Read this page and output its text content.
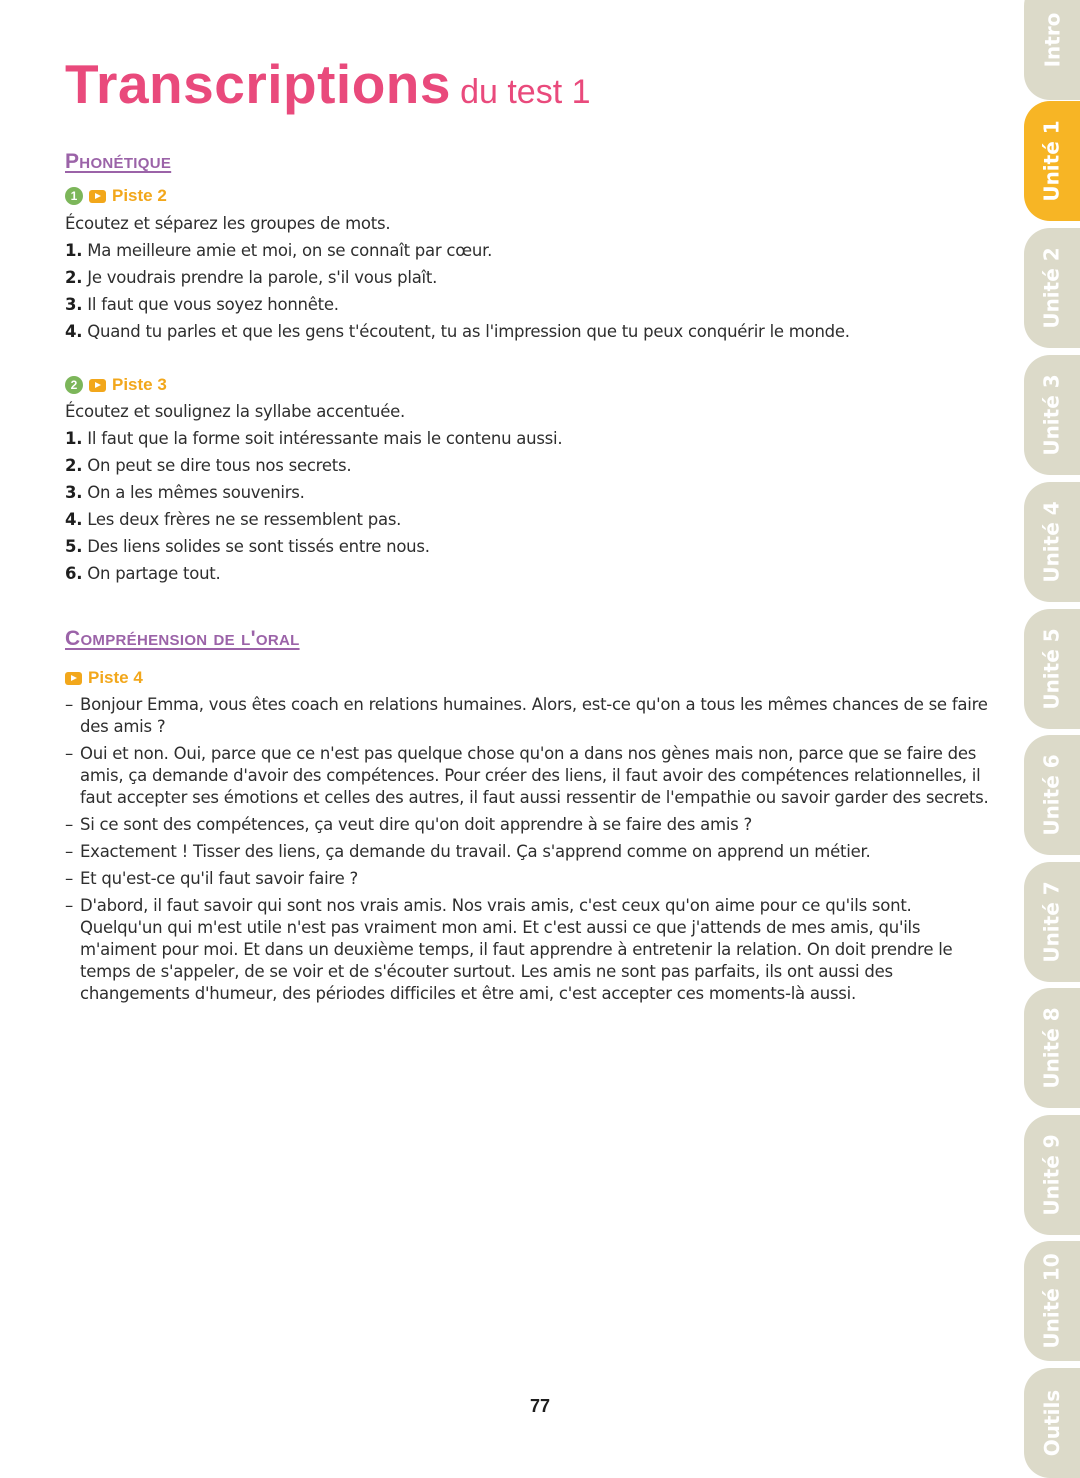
Transcriptions du test 1
Phonétique
1	Piste 2
Écoutez et séparez les groupes de mots.
1. Ma meilleure amie et moi, on se connaît par cœur.
2. Je voudrais prendre la parole, s'il vous plaît.
3. Il faut que vous soyez honnête.
4. Quand tu parles et que les gens t'écoutent, tu as l'impression que tu peux conquérir le monde.
2	Piste 3
Écoutez et soulignez la syllabe accentuée.
1. Il faut que la forme soit intéressante mais le contenu aussi.
2. On peut se dire tous nos secrets.
3. On a les mêmes souvenirs.
4. Les deux frères ne se ressemblent pas.
5. Des liens solides se sont tissés entre nous.
6. On partage tout.
Compréhension de l'oral
Piste 4
– Bonjour Emma, vous êtes coach en relations humaines. Alors, est-ce qu'on a tous les mêmes chances de se faire des amis ?
– Oui et non. Oui, parce que ce n'est pas quelque chose qu'on a dans nos gènes mais non, parce que se faire des amis, ça demande d'avoir des compétences. Pour créer des liens, il faut avoir des compétences relationnelles, il faut accepter ses émotions et celles des autres, il faut aussi ressentir de l'empathie ou savoir garder des secrets.
– Si ce sont des compétences, ça veut dire qu'on doit apprendre à se faire des amis ?
– Exactement ! Tisser des liens, ça demande du travail. Ça s'apprend comme on apprend un métier.
– Et qu'est-ce qu'il faut savoir faire ?
– D'abord, il faut savoir qui sont nos vrais amis. Nos vrais amis, c'est ceux qu'on aime pour ce qu'ils sont. Quelqu'un qui m'est utile n'est pas vraiment mon ami. Et c'est aussi ce que j'attends de mes amis, qu'ils m'aiment pour moi. Et dans un deuxième temps, il faut apprendre à entretenir la relation. On doit prendre le temps de s'appeler, de se voir et de s'écouter surtout. Les amis ne sont pas parfaits, ils ont aussi des changements d'humeur, des périodes difficiles et être ami, c'est accepter ces moments-là aussi.
77
Intro
Unité 1
Unité 2
Unité 3
Unité 4
Unité 5
Unité 6
Unité 7
Unité 8
Unité 9
Unité 10
Outils
